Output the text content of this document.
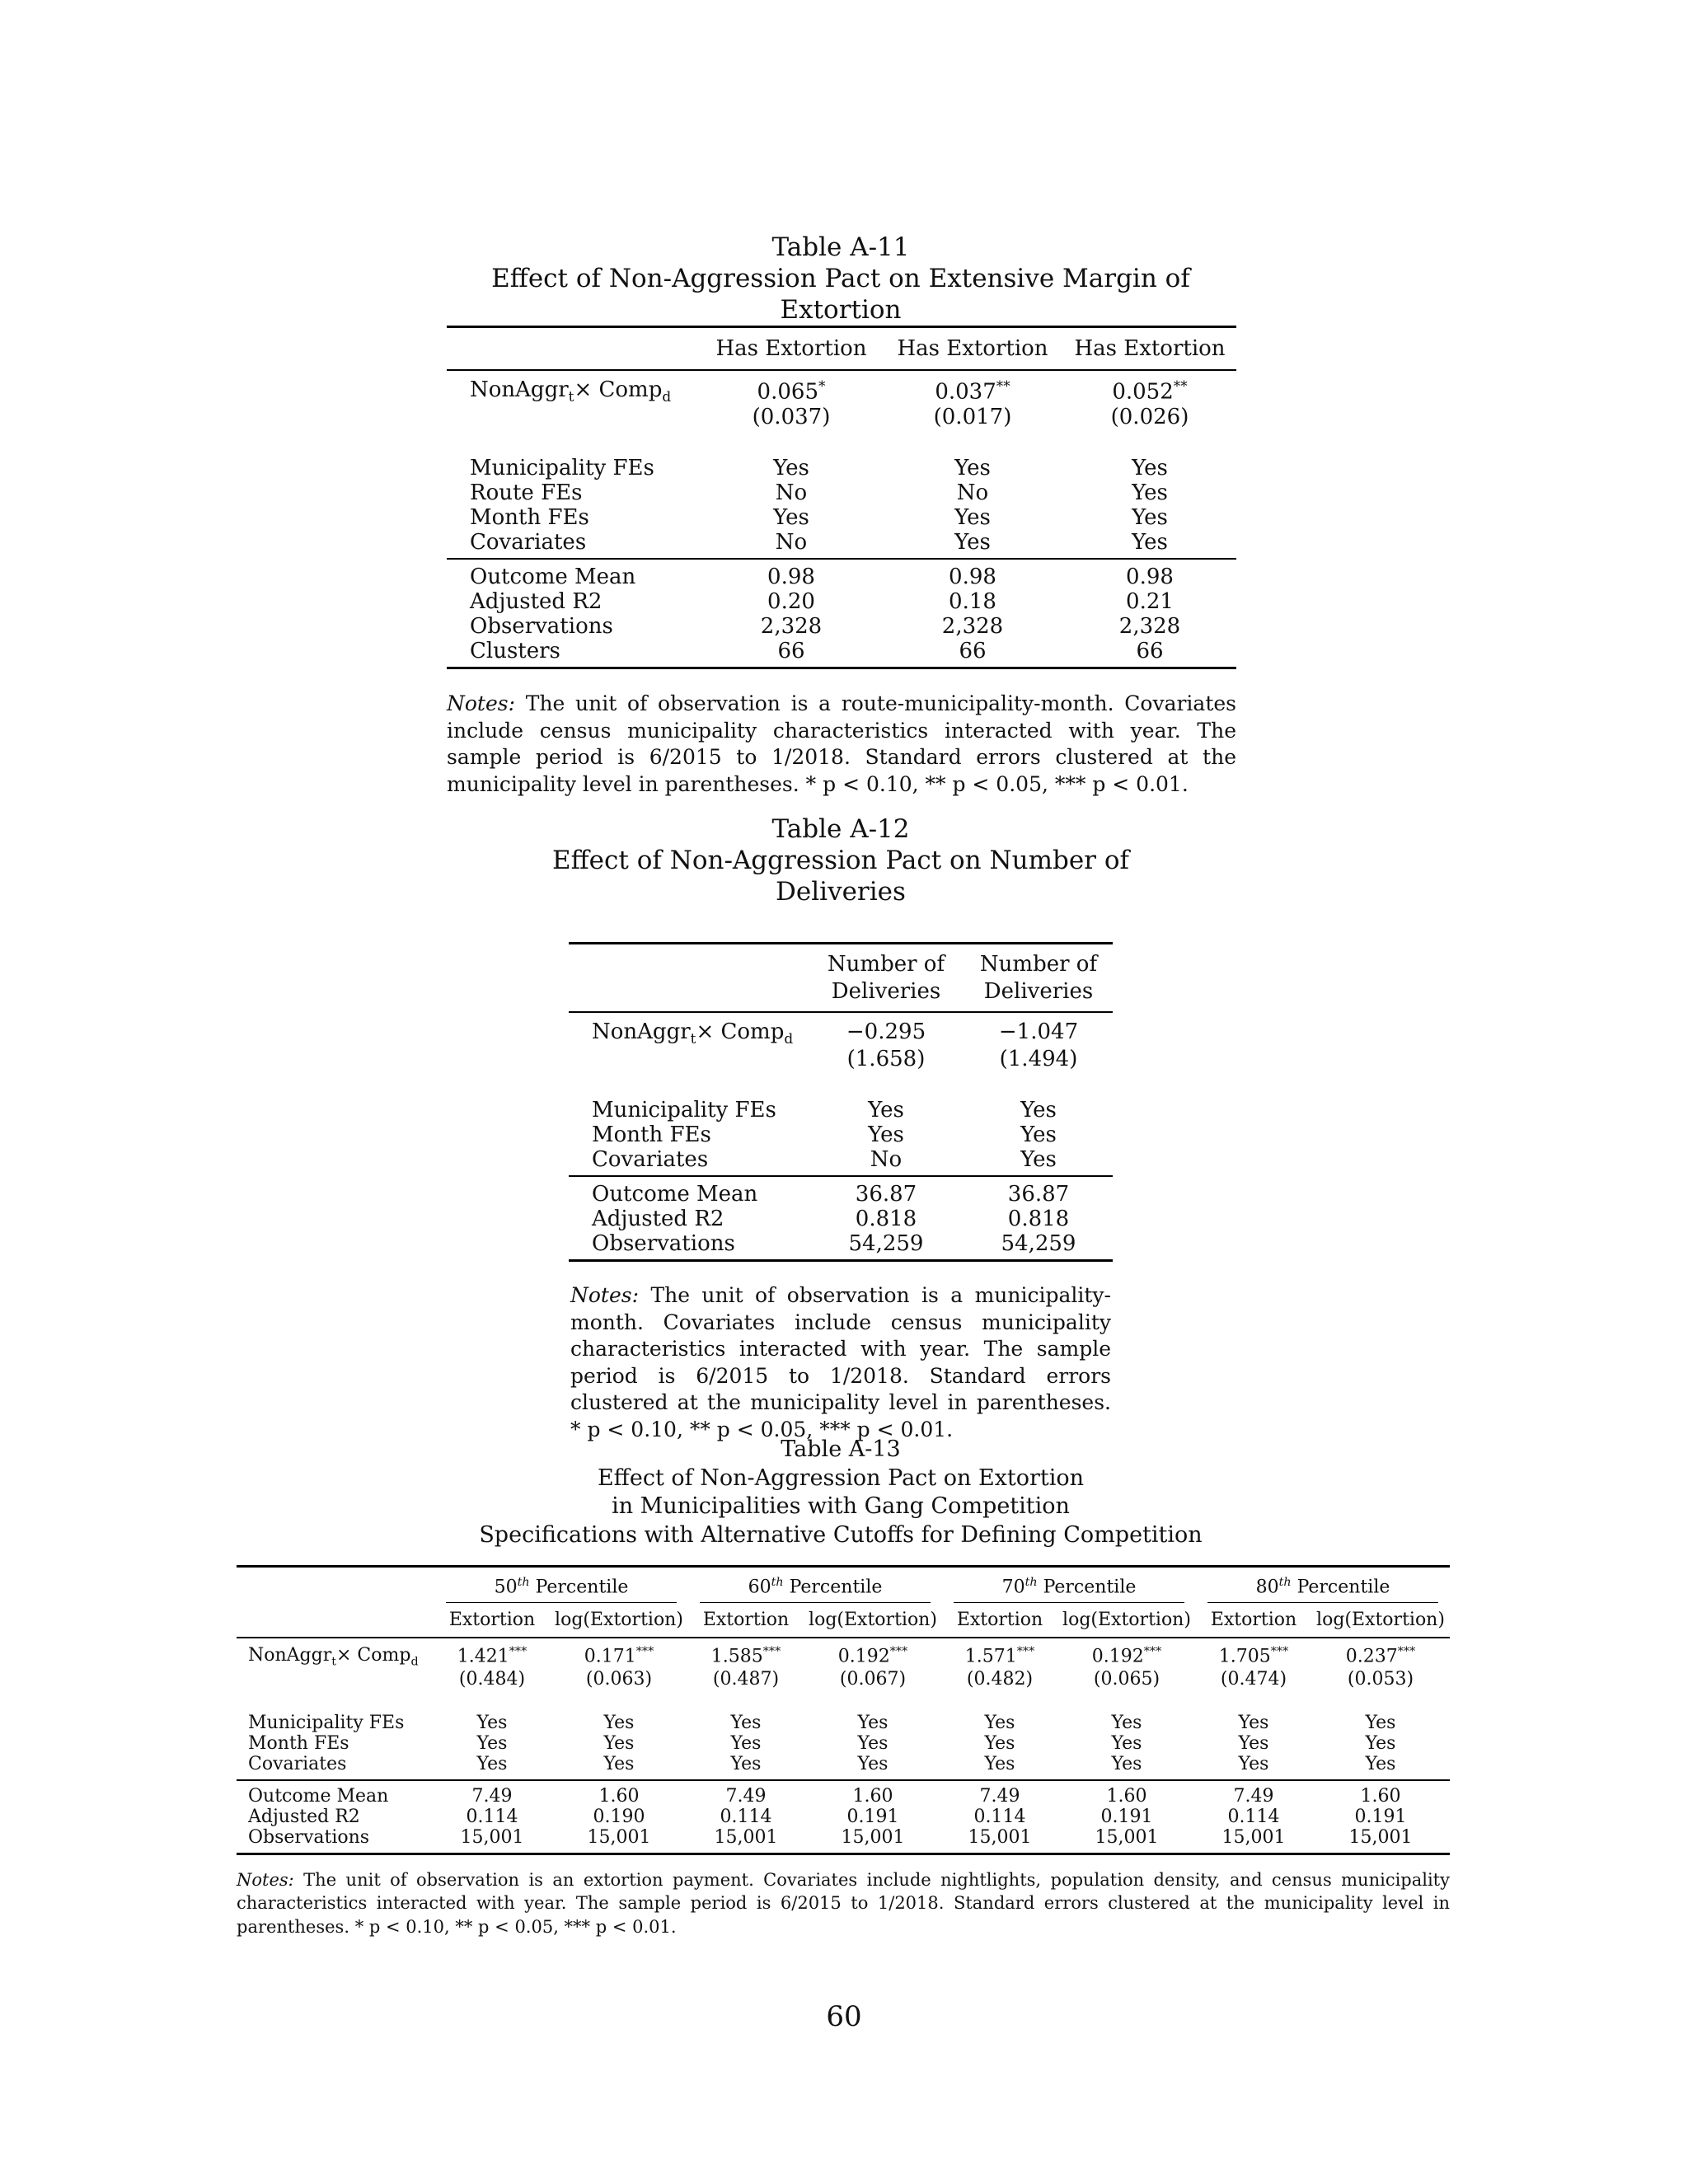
Table A-11
Effect of Non-Aggression Pact on Extensive Margin of Extortion
	Has Extortion	Has Extortion	Has Extortion
NonAggr$_t$× Comp$_d$	0.065*	0.037**	0.052**
	(0.037)	(0.017)	(0.026)
Municipality FEs	Yes	Yes	Yes
Route FEs	No	No	Yes
Month FEs	Yes	Yes	Yes
Covariates	No	Yes	Yes
Outcome Mean	0.98	0.98	0.98
Adjusted R2	0.20	0.18	0.21
Observations	2,328	2,328	2,328
Clusters	66	66	66
Notes: The unit of observation is a route-municipality-month. Covariates include census municipality characteristics interacted with year. The sample period is 6/2015 to 1/2018. Standard errors clustered at the municipality level in parentheses. * p < 0.10, ** p < 0.05, *** p < 0.01.
Table A-12
Effect of Non-Aggression Pact on Number of
Deliveries
	Number of Deliveries	Number of Deliveries
NonAggr$_t$× Comp$_d$	−0.295	−1.047
	(1.658)	(1.494)
Municipality FEs	Yes	Yes
Month FEs	Yes	Yes
Covariates	No	Yes
Outcome Mean	36.87	36.87
Adjusted R2	0.818	0.818
Observations	54,259	54,259
Notes: The unit of observation is a municipality-month. Covariates include census municipality characteristics interacted with year. The sample period is 6/2015 to 1/2018. Standard errors clustered at the municipality level in parentheses. * p < 0.10, ** p < 0.05, *** p < 0.01.
Table A-13
Effect of Non-Aggression Pact on Extortion
in Municipalities with Gang Competition
Specifications with Alternative Cutoffs for Defining Competition

	50th Percentile		60th Percentile		70th Percentile		80th Percentile	

	Extortion	log(Extortion)	Extortion	log(Extortion)	Extortion	log(Extortion)	Extortion	log(Extortion)
NonAggr$_t$× Comp$_d$	1.421***	0.171***	1.585***	0.192***	1.571***	0.192***	1.705***	0.237***
	(0.484)	(0.063)	(0.487)	(0.067)	(0.482)	(0.065)	(0.474)	(0.053)
Municipality FEs	Yes	Yes	Yes	Yes	Yes	Yes	Yes	Yes
Month FEs	Yes	Yes	Yes	Yes	Yes	Yes	Yes	Yes
Covariates	Yes	Yes	Yes	Yes	Yes	Yes	Yes	Yes
Outcome Mean	7.49	1.60	7.49	1.60	7.49	1.60	7.49	1.60
Adjusted R2	0.114	0.190	0.114	0.191	0.114	0.191	0.114	0.191
Observations	15,001	15,001	15,001	15,001	15,001	15,001	15,001	15,001
Notes: The unit of observation is an extortion payment. Covariates include nightlights, population density, and census municipality characteristics interacted with year. The sample period is 6/2015 to 1/2018. Standard errors clustered at the municipality level in parentheses. * p < 0.10, ** p < 0.05, *** p < 0.01.
60
